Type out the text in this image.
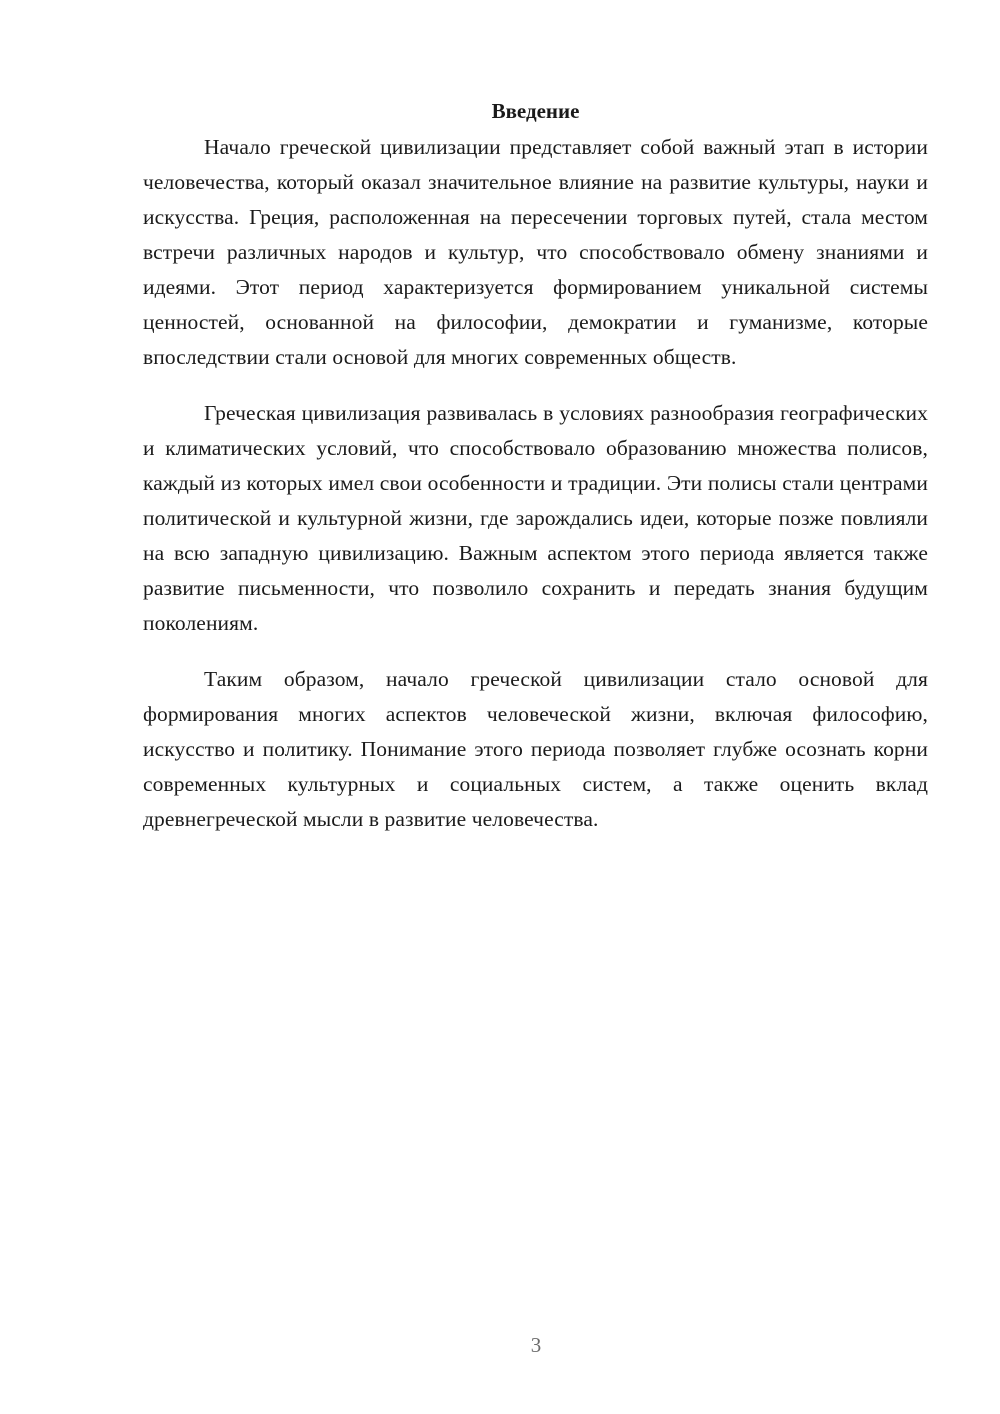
Введение

Начало греческой цивилизации представляет собой важный этап в истории человечества, который оказал значительное влияние на развитие культуры, науки и искусства. Греция, расположенная на пересечении торговых путей, стала местом встречи различных народов и культур, что способствовало обмену знаниями и идеями. Этот период характеризуется формированием уникальной системы ценностей, основанной на философии, демократии и гуманизме, которые впоследствии стали основой для многих современных обществ.

Греческая цивилизация развивалась в условиях разнообразия географических и климатических условий, что способствовало образованию множества полисов, каждый из которых имел свои особенности и традиции. Эти полисы стали центрами политической и культурной жизни, где зарождались идеи, которые позже повлияли на всю западную цивилизацию. Важным аспектом этого периода является также развитие письменности, что позволило сохранить и передать знания будущим поколениям.

Таким образом, начало греческой цивилизации стало основой для формирования многих аспектов человеческой жизни, включая философию, искусство и политику. Понимание этого периода позволяет глубже осознать корни современных культурных и социальных систем, а также оценить вклад древнегреческой мысли в развитие человечества.

3
